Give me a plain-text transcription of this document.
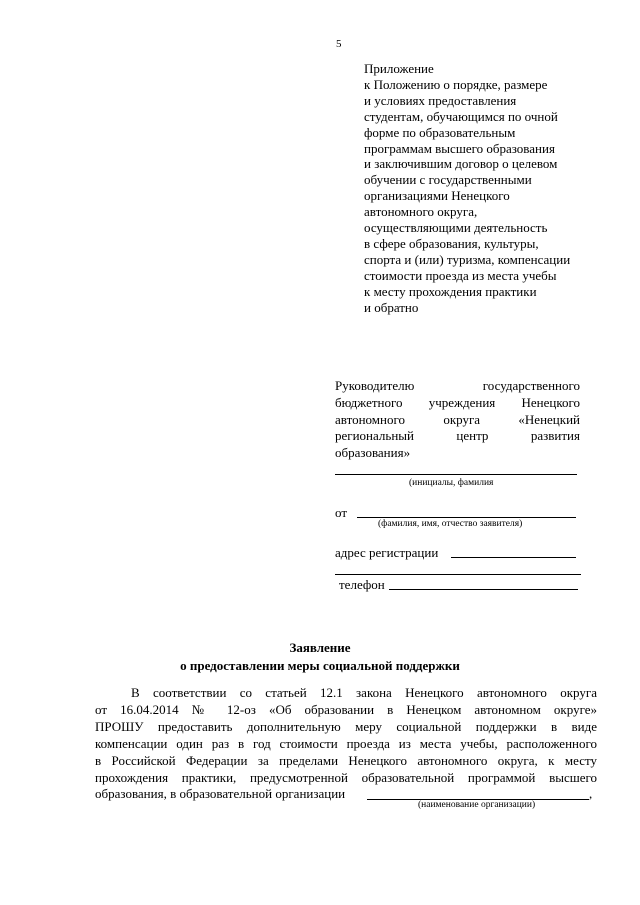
5
Приложение
к Положению о порядке, размере
и условиях предоставления
студентам, обучающимся по очной
форме по образовательным
программам высшего образования
и заключившим договор о целевом
обучении с государственными
организациями Ненецкого
автономного округа,
осуществляющими деятельность
в сфере образования, культуры,
спорта и (или) туризма, компенсации
стоимости проезда из места учебы
к месту прохождения практики
и обратно
Руководителю государственного
бюджетного учреждения Ненецкого
автономного округа «Ненецкий
региональный центр развития
образования»
(инициалы, фамилия
от
(фамилия, имя, отчество заявителя)
адрес регистрации
телефон
Заявление
о предоставлении меры социальной поддержки
В соответствии со статьей 12.1 закона Ненецкого автономного округа
от 16.04.2014 № 12-оз «Об образовании в Ненецком автономном округе»
ПРОШУ предоставить дополнительную меру социальной поддержки в виде
компенсации один раз в год стоимости проезда из места учебы, расположенного
в Российской Федерации за пределами Ненецкого автономного округа, к месту
прохождения практики, предусмотренной образовательной программой высшего
образования, в образовательной организации	,
(наименование организации)
